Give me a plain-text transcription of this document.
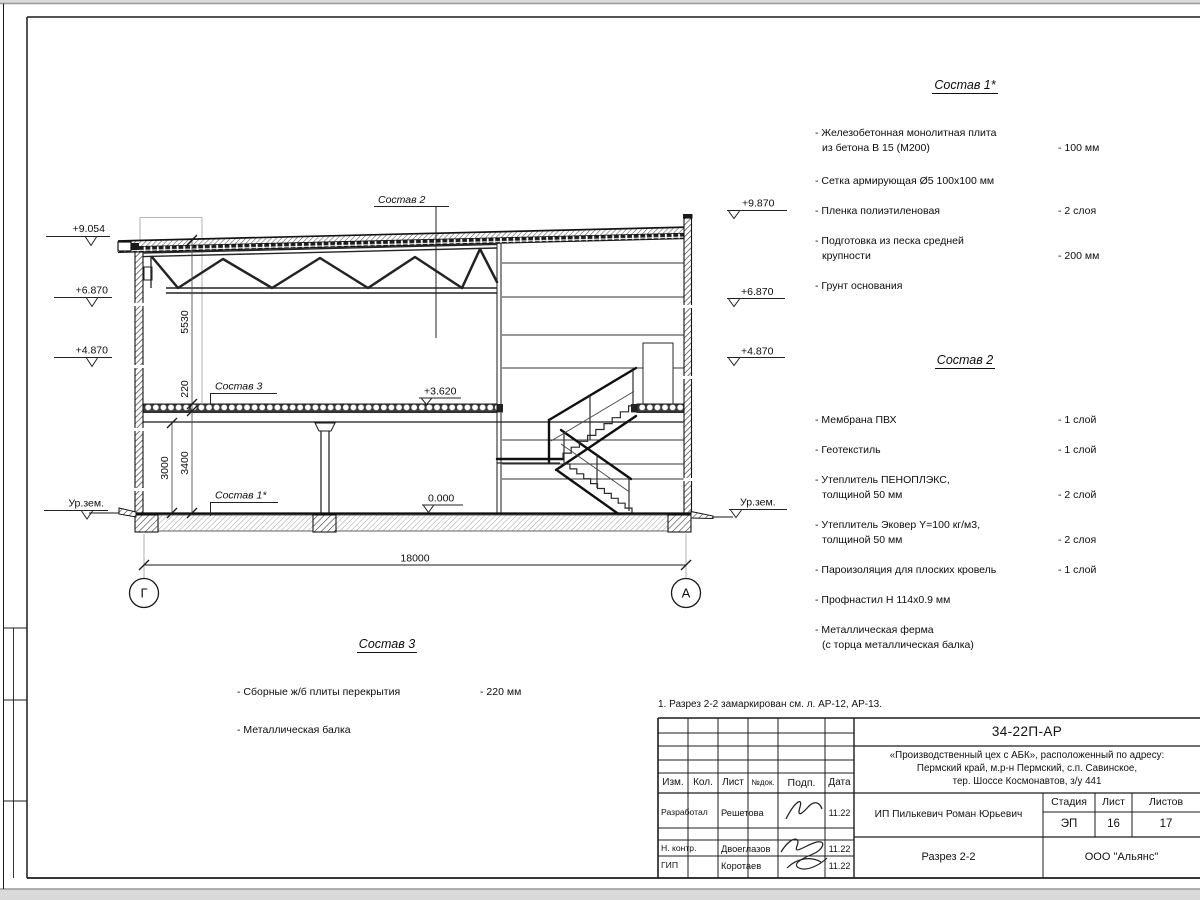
Состав 2
Состав 3
Состав 1*
+9.054
+6.870
+4.870
Ур.зем.
+9.870
+6.870
+4.870
Ур.зем.
+3.620
0.000
5530
220
3400
3000
18000
Г	А
Состав 1*
- Железобетонная монолитная плита
из бетона В 15 (М200)	- 100 мм
- Сетка армирующая Ø5 100х100 мм
- Пленка полиэтиленовая	- 2 слоя
- Подготовка из песка средней
крупности	- 200 мм
- Грунт основания
Состав 2
- Мембрана ПВХ	- 1 слой
- Геотекстиль	- 1 слой
- Утеплитель ПЕНОПЛЭКС,
толщиной 50 мм	- 2 слой
- Утеплитель Эковер Y=100 кг/м3,
толщиной 50 мм	- 2 слоя
- Пароизоляция для плоских кровель	- 1 слой
- Профнастил Н 114х0.9 мм
- Металлическая ферма
(с торца металлическая балка)
Состав 3
- Сборные ж/б плиты перекрытия	- 220 мм
- Металлическая балка
1. Разрез 2-2 замаркирован см. л. АР-12, АР-13.
34-22П-АР
«Производственный цех с АБК», расположенный по адресу:
Пермский край, м.р-н Пермский, с.п. Савинское,
тер. Шоссе Космонавтов, з/у 441
ИП Пилькевич Роман Юрьевич
Разрез 2-2	ООО "Альянс"
Стадия	Лист	Листов
ЭП	16	17
Изм. Кол. Лист №док.	Подп.	Дата
Разработал	Решетова	11.22
Н. контр.	Двоеглазов	11.22
ГИП	Коротаев	11.22
